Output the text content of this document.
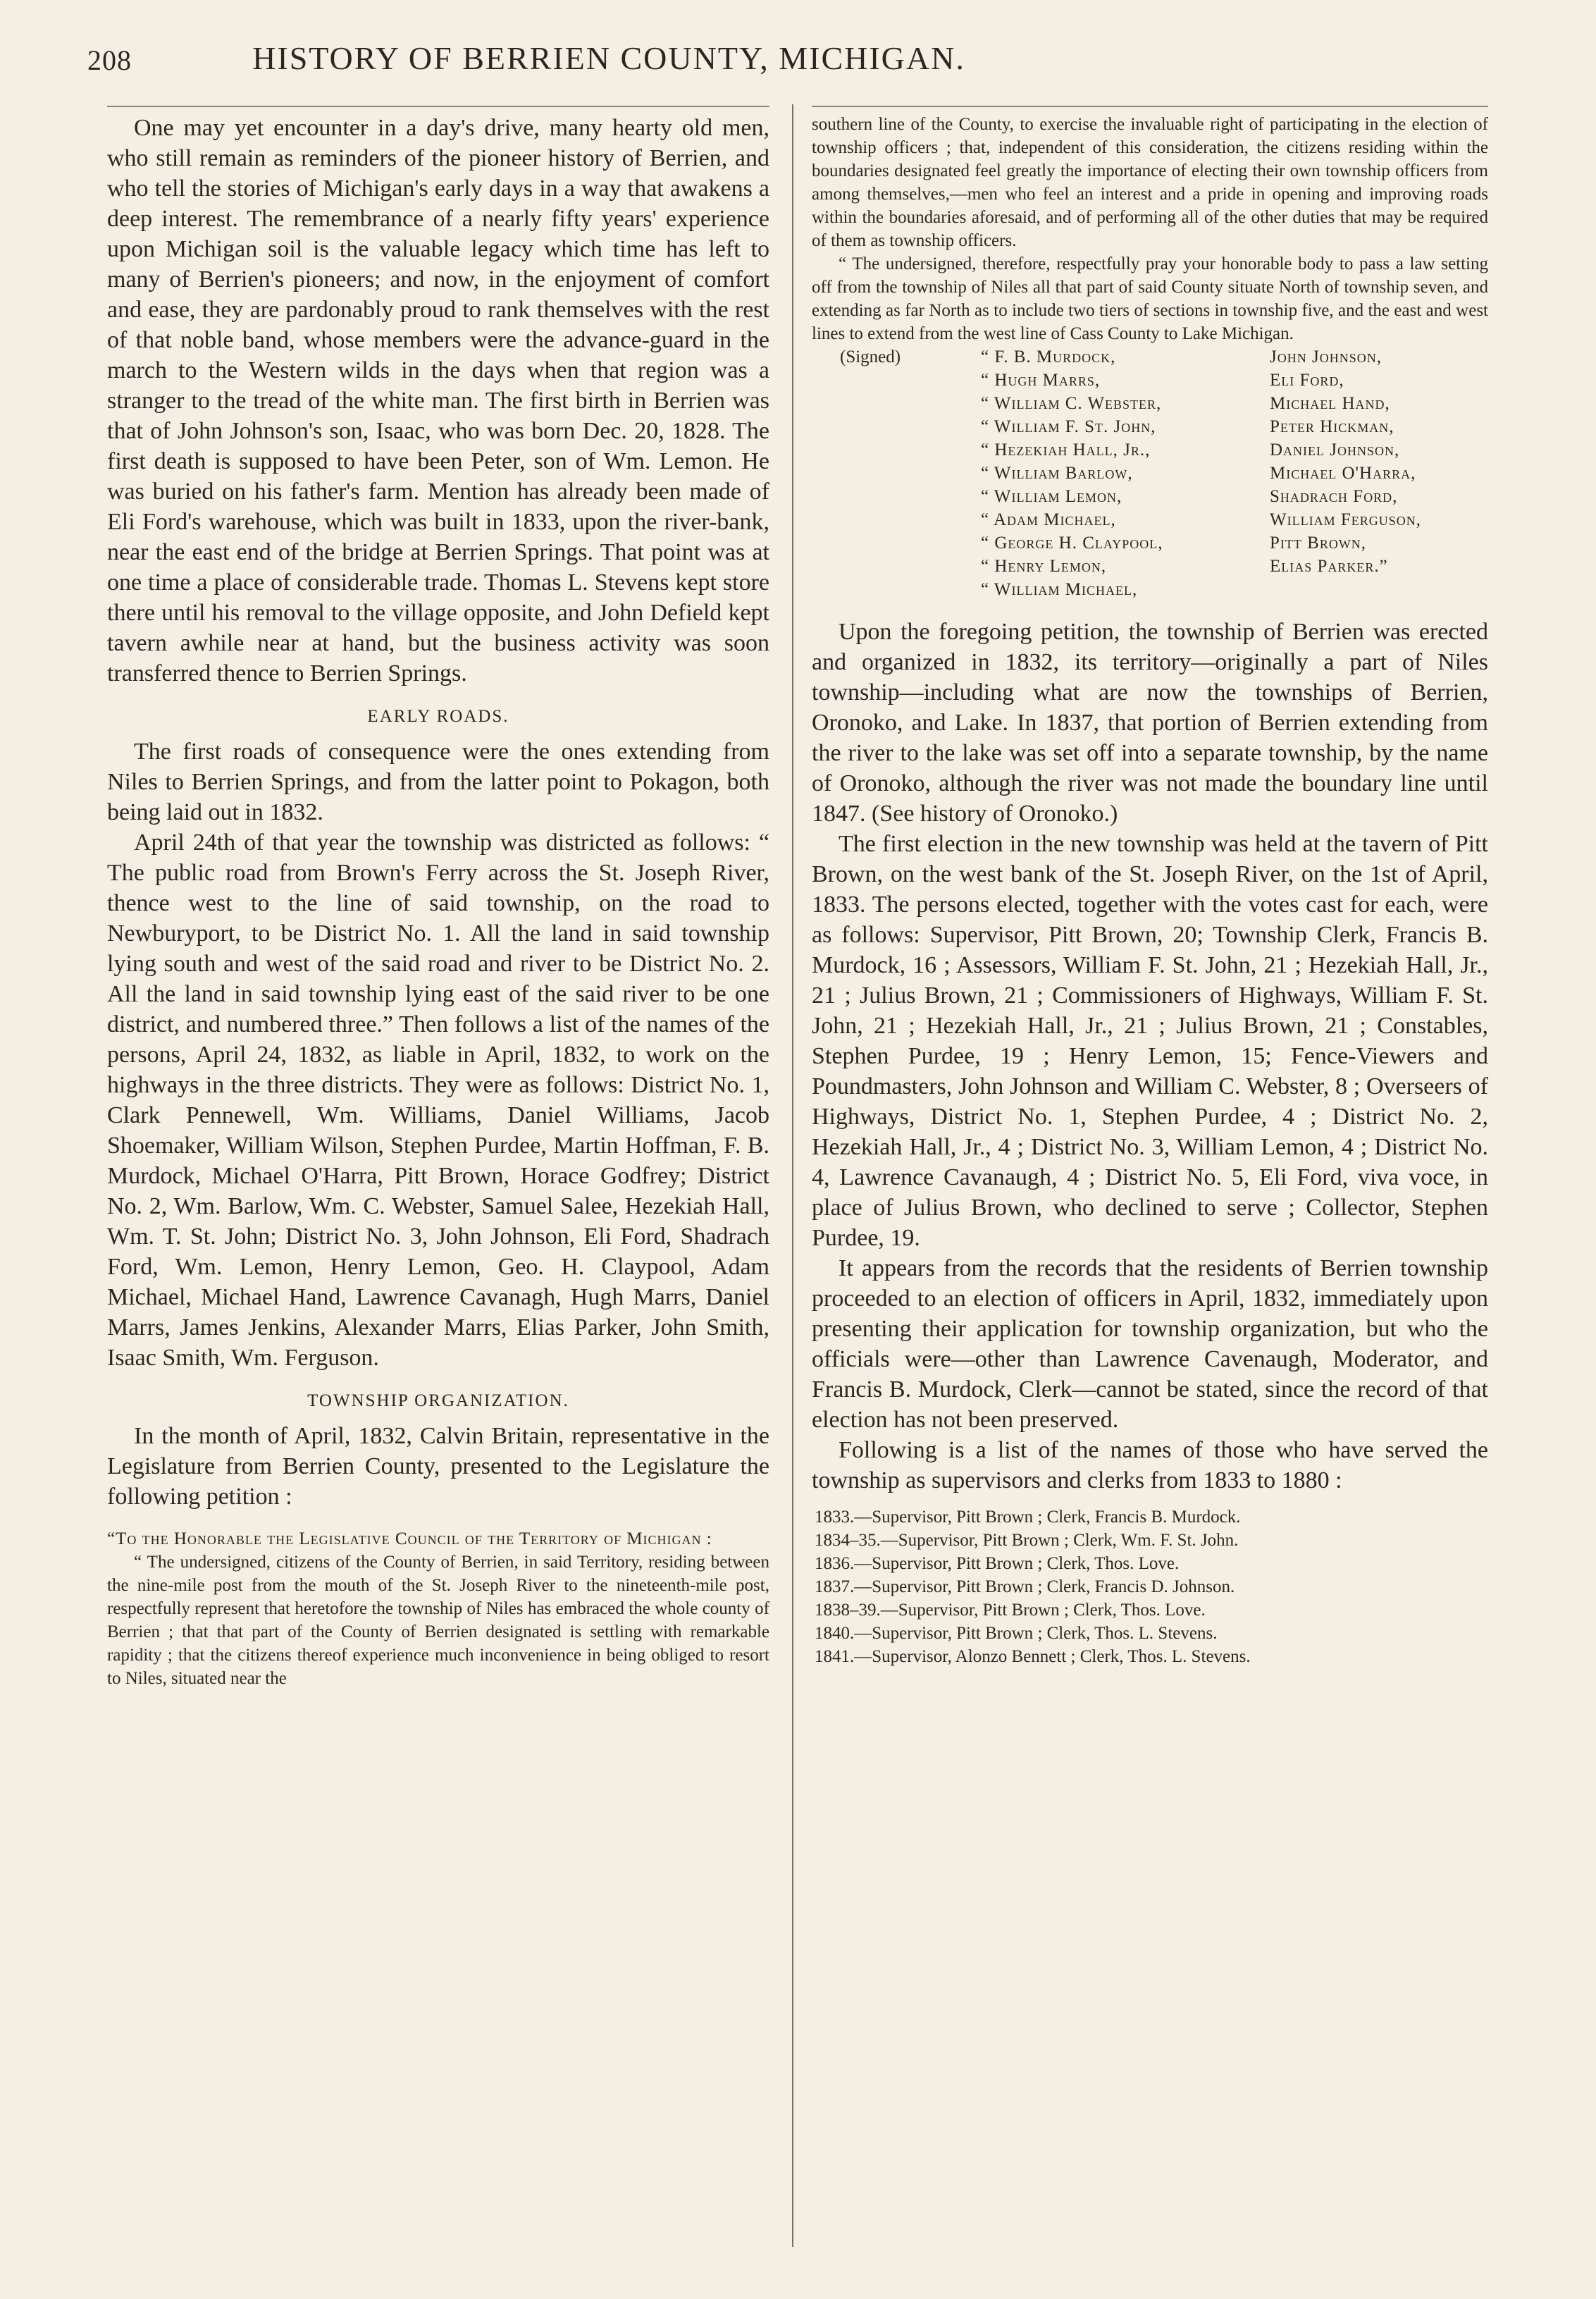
208	HISTORY OF BERRIEN COUNTY, MICHIGAN.

One may yet encounter in a day's drive, many hearty old men, who still remain as reminders of the pioneer history of Berrien, and who tell the stories of Michigan's early days in a way that awakens a deep interest. The remembrance of a nearly fifty years' experience upon Michigan soil is the valuable legacy which time has left to many of Berrien's pioneers; and now, in the enjoyment of comfort and ease, they are pardonably proud to rank themselves with the rest of that noble band, whose members were the advance-guard in the march to the Western wilds in the days when that region was a stranger to the tread of the white man. The first birth in Berrien was that of John Johnson's son, Isaac, who was born Dec. 20, 1828. The first death is supposed to have been Peter, son of Wm. Lemon. He was buried on his father's farm. Mention has already been made of Eli Ford's warehouse, which was built in 1833, upon the river-bank, near the east end of the bridge at Berrien Springs. That point was at one time a place of considerable trade. Thomas L. Stevens kept store there until his removal to the village opposite, and John Defield kept tavern awhile near at hand, but the business activity was soon transferred thence to Berrien Springs.

EARLY ROADS.

The first roads of consequence were the ones extending from Niles to Berrien Springs, and from the latter point to Pokagon, both being laid out in 1832.

April 24th of that year the township was districted as follows: “ The public road from Brown's Ferry across the St. Joseph River, thence west to the line of said township, on the road to Newburyport, to be District No. 1. All the land in said township lying south and west of the said road and river to be District No. 2. All the land in said township lying east of the said river to be one district, and numbered three.” Then follows a list of the names of the persons, April 24, 1832, as liable in April, 1832, to work on the highways in the three districts. They were as follows: District No. 1, Clark Pennewell, Wm. Williams, Daniel Williams, Jacob Shoemaker, William Wilson, Stephen Purdee, Martin Hoffman, F. B. Murdock, Michael O'Harra, Pitt Brown, Horace Godfrey; District No. 2, Wm. Barlow, Wm. C. Webster, Samuel Salee, Hezekiah Hall, Wm. T. St. John; District No. 3, John Johnson, Eli Ford, Shadrach Ford, Wm. Lemon, Henry Lemon, Geo. H. Claypool, Adam Michael, Michael Hand, Lawrence Cavanagh, Hugh Marrs, Daniel Marrs, James Jenkins, Alexander Marrs, Elias Parker, John Smith, Isaac Smith, Wm. Ferguson.

TOWNSHIP ORGANIZATION.

In the month of April, 1832, Calvin Britain, representative in the Legislature from Berrien County, presented to the Legislature the following petition :

“To the Honorable the Legislative Council of the Territory of Michigan :

“ The undersigned, citizens of the County of Berrien, in said Territory, residing between the nine-mile post from the mouth of the St. Joseph River to the nineteenth-mile post, respectfully represent that heretofore the township of Niles has embraced the whole county of Berrien ; that that part of the County of Berrien designated is settling with remarkable rapidity ; that the citizens thereof experience much inconvenience in being obliged to resort to Niles, situated near the

southern line of the County, to exercise the invaluable right of participating in the election of township officers ; that, independent of this consideration, the citizens residing within the boundaries designated feel greatly the importance of electing their own township officers from among themselves,—men who feel an interest and a pride in opening and improving roads within the boundaries aforesaid, and of performing all of the other duties that may be required of them as township officers.

“ The undersigned, therefore, respectfully pray your honorable body to pass a law setting off from the township of Niles all that part of said County situate North of township seven, and extending as far North as to include two tiers of sections in township five, and the east and west lines to extend from the west line of Cass County to Lake Michigan.

(Signed)	“ F. B. Murdock,
“ Hugh Marrs,
“ William C. Webster,
“ William F. St. John,
“ Hezekiah Hall, Jr.,
“ William Barlow,
“ William Lemon,
“ Adam Michael,
“ George H. Claypool,
“ Henry Lemon,
“ William Michael,
John Johnson,
Eli Ford,
Michael Hand,
Peter Hickman,
Daniel Johnson,
Michael O'Harra,
Shadrach Ford,
William Ferguson,
Pitt Brown,
Elias Parker.”

Upon the foregoing petition, the township of Berrien was erected and organized in 1832, its territory—originally a part of Niles township—including what are now the townships of Berrien, Oronoko, and Lake. In 1837, that portion of Berrien extending from the river to the lake was set off into a separate township, by the name of Oronoko, although the river was not made the boundary line until 1847. (See history of Oronoko.)

The first election in the new township was held at the tavern of Pitt Brown, on the west bank of the St. Joseph River, on the 1st of April, 1833. The persons elected, together with the votes cast for each, were as follows: Supervisor, Pitt Brown, 20; Township Clerk, Francis B. Murdock, 16 ; Assessors, William F. St. John, 21 ; Hezekiah Hall, Jr., 21 ; Julius Brown, 21 ; Commissioners of Highways, William F. St. John, 21 ; Hezekiah Hall, Jr., 21 ; Julius Brown, 21 ; Constables, Stephen Purdee, 19 ; Henry Lemon, 15; Fence-Viewers and Poundmasters, John Johnson and William C. Webster, 8 ; Overseers of Highways, District No. 1, Stephen Purdee, 4 ; District No. 2, Hezekiah Hall, Jr., 4 ; District No. 3, William Lemon, 4 ; District No. 4, Lawrence Cavanaugh, 4 ; District No. 5, Eli Ford, viva voce, in place of Julius Brown, who declined to serve ; Collector, Stephen Purdee, 19.

It appears from the records that the residents of Berrien township proceeded to an election of officers in April, 1832, immediately upon presenting their application for township organization, but who the officials were—other than Lawrence Cavenaugh, Moderator, and Francis B. Murdock, Clerk—cannot be stated, since the record of that election has not been preserved.

Following is a list of the names of those who have served the township as supervisors and clerks from 1833 to 1880 :

1833.—Supervisor, Pitt Brown ; Clerk, Francis B. Murdock.
1834–35.—Supervisor, Pitt Brown ; Clerk, Wm. F. St. John.
1836.—Supervisor, Pitt Brown ; Clerk, Thos. Love.
1837.—Supervisor, Pitt Brown ; Clerk, Francis D. Johnson.
1838–39.—Supervisor, Pitt Brown ; Clerk, Thos. Love.
1840.—Supervisor, Pitt Brown ; Clerk, Thos. L. Stevens.
1841.—Supervisor, Alonzo Bennett ; Clerk, Thos. L. Stevens.
